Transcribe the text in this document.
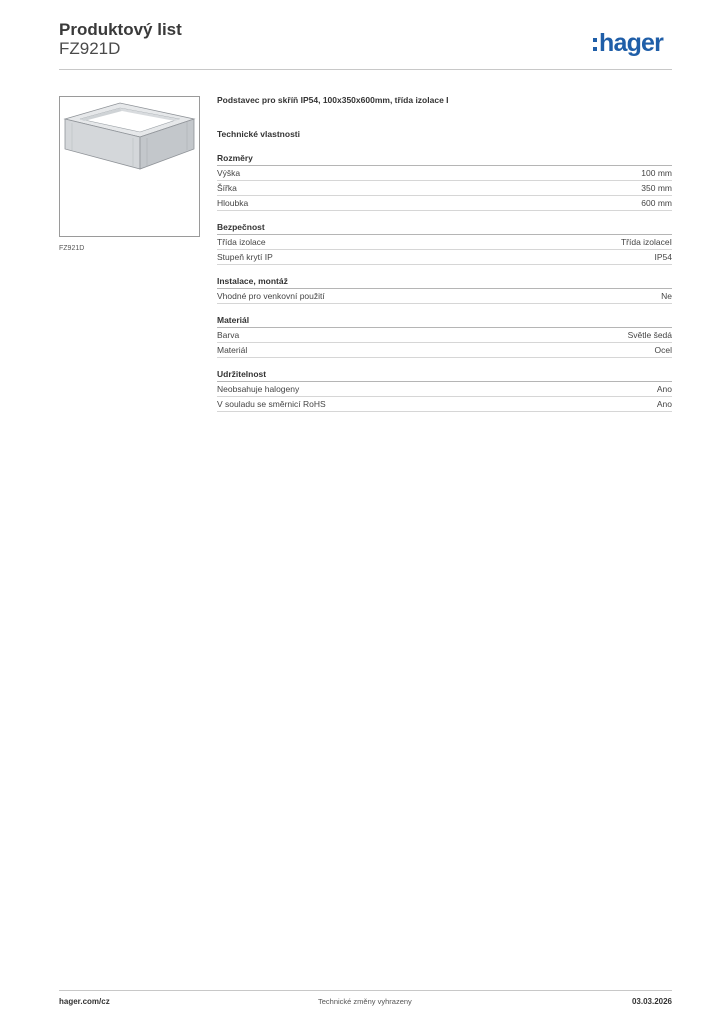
Produktový list
FZ921D	hager
FZ921D
Podstavec pro skříň IP54, 100x350x600mm, třída izolace I
Technické vlastnosti
Rozměry
Výška	100 mm
Šířka	350 mm
Hloubka	600 mm
Bezpečnost
Třída izolace	Třída izolaceI
Stupeň krytí IP	IP54
Instalace, montáž
Vhodné pro venkovní použití	Ne
Materiál
Barva	Světle šedá
Materiál	Ocel
Udržitelnost
Neobsahuje halogeny	Ano
V souladu se směrnicí RoHS	Ano
hager.com/cz	Technické změny vyhrazeny	03.03.2026
